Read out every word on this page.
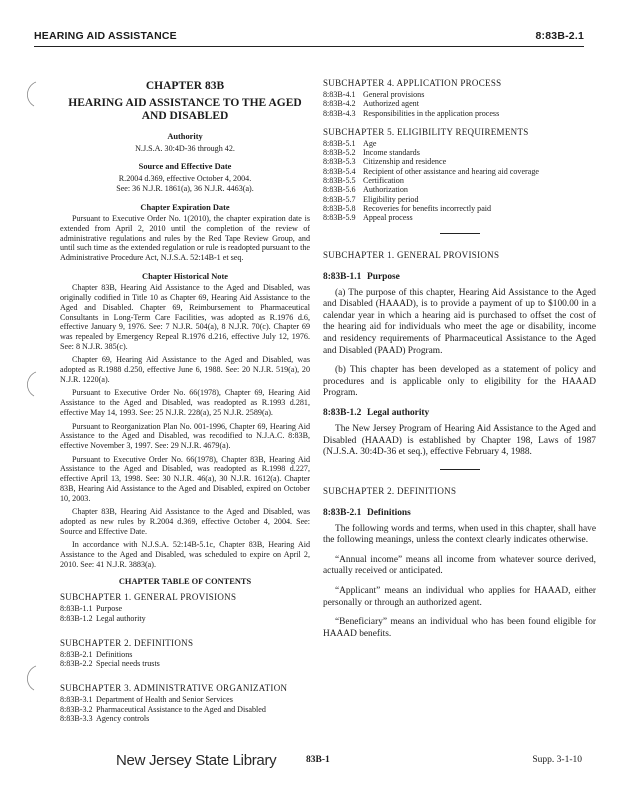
HEARING AID ASSISTANCE	8:83B-2.1
CHAPTER 83B
HEARING AID ASSISTANCE TO THE AGED AND DISABLED
Authority
N.J.S.A. 30:4D-36 through 42.
Source and Effective Date
R.2004 d.369, effective October 4, 2004.
See: 36 N.J.R. 1861(a), 36 N.J.R. 4463(a).
Chapter Expiration Date

Pursuant to Executive Order No. 1(2010), the chapter expiration date is extended from April 2, 2010 until the completion of the review of administrative regulations and rules by the Red Tape Review Group, and until such time as the extended regulation or rule is readopted pursuant to the Administrative Procedure Act, N.J.S.A. 52:14B-1 et seq.

Chapter Historical Note

Chapter 83B, Hearing Aid Assistance to the Aged and Disabled, was originally codified in Title 10 as Chapter 69, Hearing Aid Assistance to the Aged and Disabled. Chapter 69, Reimbursement to Pharmaceutical Consultants in Long-Term Care Facilities, was adopted as R.1976 d.6, effective January 9, 1976. See: 7 N.J.R. 504(a), 8 N.J.R. 70(c). Chapter 69 was repealed by Emergency Repeal R.1976 d.216, effective July 12, 1976. See: 8 N.J.R. 385(c).

Chapter 69, Hearing Aid Assistance to the Aged and Disabled, was adopted as R.1988 d.250, effective June 6, 1988. See: 20 N.J.R. 519(a), 20 N.J.R. 1220(a).

Pursuant to Executive Order No. 66(1978), Chapter 69, Hearing Aid Assistance to the Aged and Disabled, was readopted as R.1993 d.281, effective May 14, 1993. See: 25 N.J.R. 228(a), 25 N.J.R. 2589(a).

Pursuant to Reorganization Plan No. 001-1996, Chapter 69, Hearing Aid Assistance to the Aged and Disabled, was recodified to N.J.A.C. 8:83B, effective November 3, 1997. See: 29 N.J.R. 4679(a).

Pursuant to Executive Order No. 66(1978), Chapter 83B, Hearing Aid Assistance to the Aged and Disabled, was readopted as R.1998 d.227, effective April 13, 1998. See: 30 N.J.R. 46(a), 30 N.J.R. 1612(a). Chapter 83B, Hearing Aid Assistance to the Aged and Disabled, expired on October 10, 2003.

Chapter 83B, Hearing Aid Assistance to the Aged and Disabled, was adopted as new rules by R.2004 d.369, effective October 4, 2004. See: Source and Effective Date.

In accordance with N.J.S.A. 52:14B-5.1c, Chapter 83B, Hearing Aid Assistance to the Aged and Disabled, was scheduled to expire on April 2, 2010. See: 41 N.J.R. 3883(a).

CHAPTER TABLE OF CONTENTS
SUBCHAPTER 1. GENERAL PROVISIONS
8:83B-1.1 Purpose
8:83B-1.2 Legal authority
SUBCHAPTER 2. DEFINITIONS
8:83B-2.1 Definitions
8:83B-2.2 Special needs trusts
SUBCHAPTER 3. ADMINISTRATIVE ORGANIZATION
8:83B-3.1 Department of Health and Senior Services
8:83B-3.2 Pharmaceutical Assistance to the Aged and Disabled
8:83B-3.3 Agency controls
SUBCHAPTER 4. APPLICATION PROCESS
8:83B-4.1 General provisions
8:83B-4.2 Authorized agent
8:83B-4.3 Responsibilities in the application process
SUBCHAPTER 5. ELIGIBILITY REQUIREMENTS
8:83B-5.1 Age
8:83B-5.2 Income standards
8:83B-5.3 Citizenship and residence
8:83B-5.4 Recipient of other assistance and hearing aid coverage
8:83B-5.5 Certification
8:83B-5.6 Authorization
8:83B-5.7 Eligibility period
8:83B-5.8 Recoveries for benefits incorrectly paid
8:83B-5.9 Appeal process
SUBCHAPTER 1. GENERAL PROVISIONS
8:83B-1.1 Purpose

(a) The purpose of this chapter, Hearing Aid Assistance to the Aged and Disabled (HAAAD), is to provide a payment of up to $100.00 in a calendar year in which a hearing aid is purchased to offset the cost of the hearing aid for individuals who meet the age or disability, income and residency requirements of Pharmaceutical Assistance to the Aged and Disabled (PAAD) Program.

(b) This chapter has been developed as a statement of policy and procedures and is applicable only to eligibility for the HAAAD Program.

8:83B-1.2 Legal authority

The New Jersey Program of Hearing Aid Assistance to the Aged and Disabled (HAAAD) is established by Chapter 198, Laws of 1987 (N.J.S.A. 30:4D-36 et seq.), effective February 4, 1988.

SUBCHAPTER 2. DEFINITIONS
8:83B-2.1 Definitions

The following words and terms, when used in this chapter, shall have the following meanings, unless the context clearly indicates otherwise.

“Annual income” means all income from whatever source derived, actually received or anticipated.

“Applicant” means an individual who applies for HAAAD, either personally or through an authorized agent.

“Beneficiary” means an individual who has been found eligible for HAAAD benefits.

New Jersey State Library	83B-1	Supp. 3-1-10
